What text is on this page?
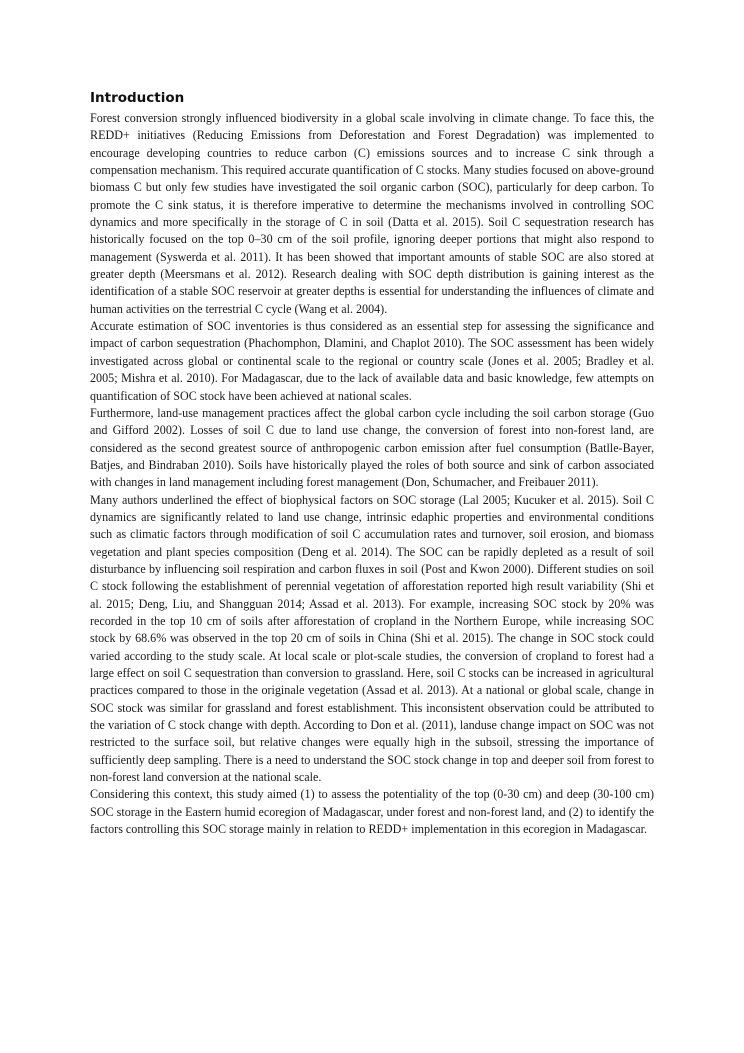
Introduction

Forest conversion strongly influenced biodiversity in a global scale involving in climate change. To face this, the REDD+ initiatives (Reducing Emissions from Deforestation and Forest Degradation) was implemented to encourage developing countries to reduce carbon (C) emissions sources and to increase C sink through a compensation mechanism. This required accurate quantification of C stocks. Many studies focused on above-ground biomass C but only few studies have investigated the soil organic carbon (SOC), particularly for deep carbon. To promote the C sink status, it is therefore imperative to determine the mechanisms involved in controlling SOC dynamics and more specifically in the storage of C in soil (Datta et al. 2015). Soil C sequestration research has historically focused on the top 0–30 cm of the soil profile, ignoring deeper portions that might also respond to management (Syswerda et al. 2011). It has been showed that important amounts of stable SOC are also stored at greater depth (Meersmans et al. 2012). Research dealing with SOC depth distribution is gaining interest as the identification of a stable SOC reservoir at greater depths is essential for understanding the influences of climate and human activities on the terrestrial C cycle (Wang et al. 2004).

Accurate estimation of SOC inventories is thus considered as an essential step for assessing the significance and impact of carbon sequestration (Phachomphon, Dlamini, and Chaplot 2010). The SOC assessment has been widely investigated across global or continental scale to the regional or country scale (Jones et al. 2005; Bradley et al. 2005; Mishra et al. 2010). For Madagascar, due to the lack of available data and basic knowledge, few attempts on quantification of SOC stock have been achieved at national scales.

Furthermore, land-use management practices affect the global carbon cycle including the soil carbon storage (Guo and Gifford 2002). Losses of soil C due to land use change, the conversion of forest into non-forest land, are considered as the second greatest source of anthropogenic carbon emission after fuel consumption (Batlle-Bayer, Batjes, and Bindraban 2010). Soils have historically played the roles of both source and sink of carbon associated with changes in land management including forest management (Don, Schumacher, and Freibauer 2011).

Many authors underlined the effect of biophysical factors on SOC storage (Lal 2005; Kucuker et al. 2015). Soil C dynamics are significantly related to land use change, intrinsic edaphic properties and environmental conditions such as climatic factors through modification of soil C accumulation rates and turnover, soil erosion, and biomass vegetation and plant species composition (Deng et al. 2014). The SOC can be rapidly depleted as a result of soil disturbance by influencing soil respiration and carbon fluxes in soil (Post and Kwon 2000). Different studies on soil C stock following the establishment of perennial vegetation of afforestation reported high result variability (Shi et al. 2015; Deng, Liu, and Shangguan 2014; Assad et al. 2013). For example, increasing SOC stock by 20% was recorded in the top 10 cm of soils after afforestation of cropland in the Northern Europe, while increasing SOC stock by 68.6% was observed in the top 20 cm of soils in China (Shi et al. 2015). The change in SOC stock could varied according to the study scale. At local scale or plot-scale studies, the conversion of cropland to forest had a large effect on soil C sequestration than conversion to grassland. Here, soil C stocks can be increased in agricultural practices compared to those in the originale vegetation (Assad et al. 2013). At a national or global scale, change in SOC stock was similar for grassland and forest establishment. This inconsistent observation could be attributed to the variation of C stock change with depth. According to Don et al. (2011), landuse change impact on SOC was not restricted to the surface soil, but relative changes were equally high in the subsoil, stressing the importance of sufficiently deep sampling. There is a need to understand the SOC stock change in top and deeper soil from forest to non-forest land conversion at the national scale.

Considering this context, this study aimed (1) to assess the potentiality of the top (0-30 cm) and deep (30-100 cm) SOC storage in the Eastern humid ecoregion of Madagascar, under forest and non-forest land, and (2) to identify the factors controlling this SOC storage mainly in relation to REDD+ implementation in this ecoregion in Madagascar.
